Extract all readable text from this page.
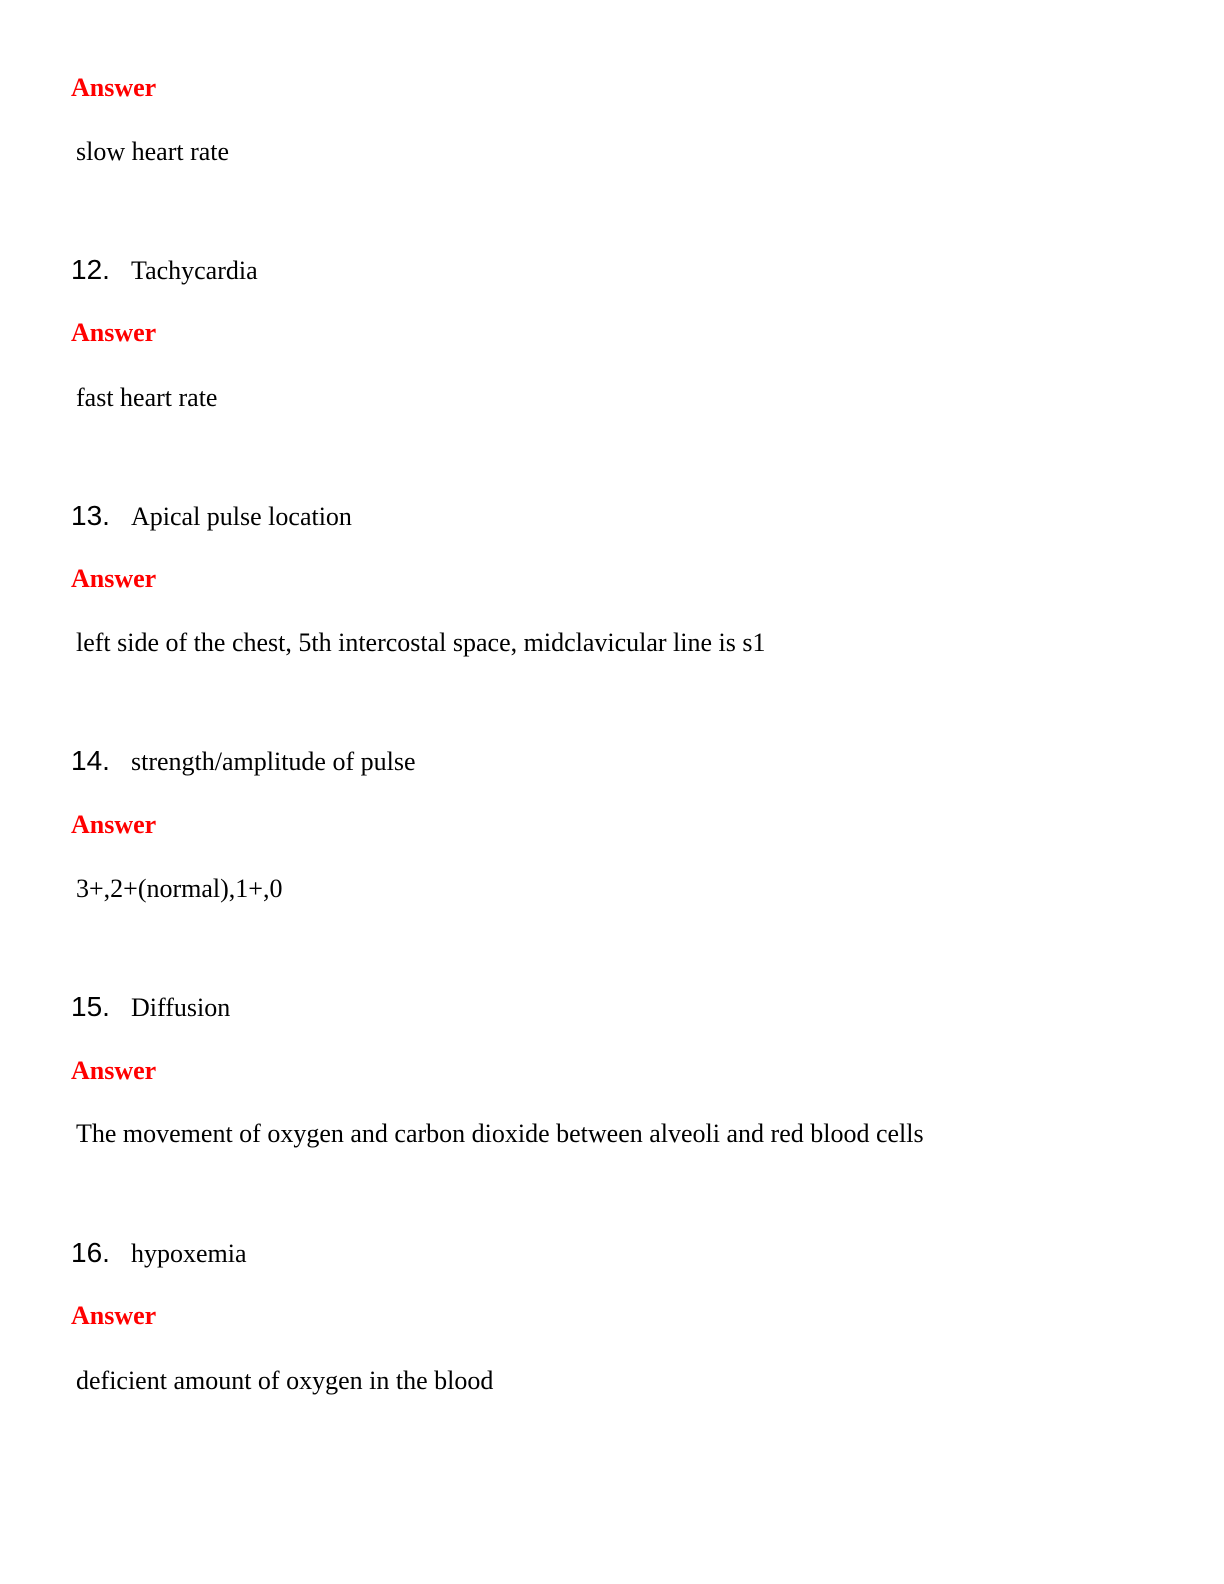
Answer
slow heart rate
12. Tachycardia
Answer
fast heart rate
13. Apical pulse location
Answer
left side of the chest, 5th intercostal space, midclavicular line is s1
14. strength/amplitude of pulse
Answer
3+,2+(normal),1+,0
15. Diffusion
Answer
The movement of oxygen and carbon dioxide between alveoli and red blood cells
16. hypoxemia
Answer
deficient amount of oxygen in the blood
